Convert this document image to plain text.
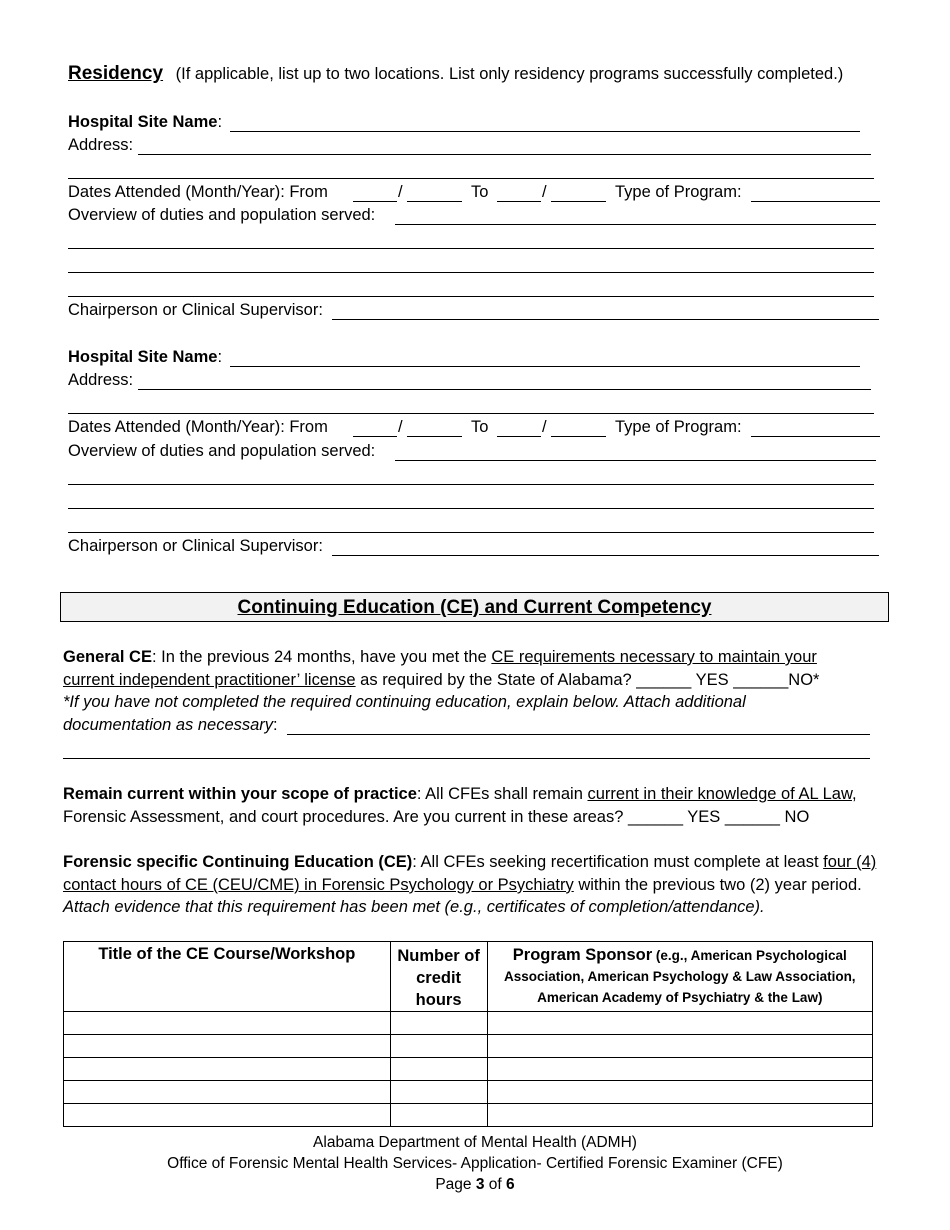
Residency (If applicable, list up to two locations. List only residency programs successfully completed.)
Hospital Site Name:
Address:
Dates Attended (Month/Year): From	/	To	/	Type of Program:
Overview of duties and population served:
Chairperson or Clinical Supervisor:
Hospital Site Name:
Address:
Dates Attended (Month/Year): From	/	To	/	Type of Program:
Overview of duties and population served:
Chairperson or Clinical Supervisor:
Continuing Education (CE) and Current Competency
General CE: In the previous 24 months, have you met the CE requirements necessary to maintain your
current independent practitioner’ license as required by the State of Alabama? ______ YES ______NO*
*If you have not completed the required continuing education, explain below. Attach additional
documentation as necessary:
Remain current within your scope of practice: All CFEs shall remain current in their knowledge of AL Law,
Forensic Assessment, and court procedures. Are you current in these areas? ______ YES ______ NO
Forensic specific Continuing Education (CE): All CFEs seeking recertification must complete at least four (4)
contact hours of CE (CEU/CME) in Forensic Psychology or Psychiatry within the previous two (2) year period.
Attach evidence that this requirement has been met (e.g., certificates of completion/attendance).
Title of the CE Course/Workshop	Number of
credit
hours	Program Sponsor (e.g., American Psychological
Association, American Psychology & Law Association,
American Academy of Psychiatry & the Law)

Alabama Department of Mental Health (ADMH)
Office of Forensic Mental Health Services- Application- Certified Forensic Examiner (CFE)
Page 3 of 6
